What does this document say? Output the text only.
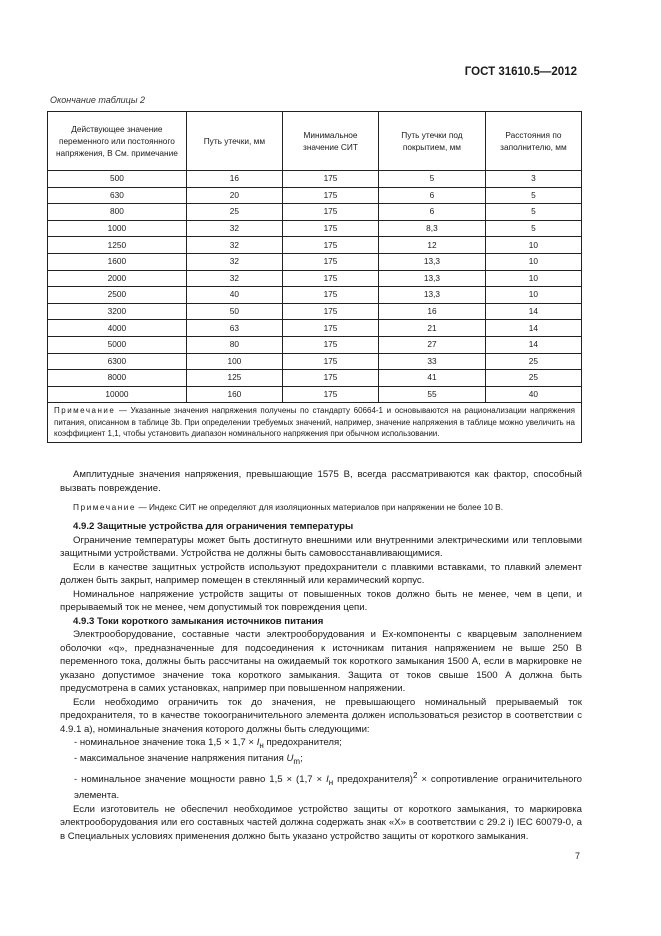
ГОСТ 31610.5—2012
Окончание таблицы 2
Действующее значение переменного или постоянного напряжения, В См. примечание	Путь утечки, мм	Минимальное значение СИТ	Путь утечки под покрытием, мм	Расстояния по заполнителю, мм
500	16	175	5	3
630	20	175	6	5
800	25	175	6	5
1000	32	175	8,3	5
1250	32	175	12	10
1600	32	175	13,3	10
2000	32	175	13,3	10
2500	40	175	13,3	10
3200	50	175	16	14
4000	63	175	21	14
5000	80	175	27	14
6300	100	175	33	25
8000	125	175	41	25
10000	160	175	55	40
Примечание — Указанные значения напряжения получены по стандарту 60664-1 и основываются на рационализации напряжения питания, описанном в таблице 3b. При определении требуемых значений, например, значение напряжения в таблице можно увеличить на коэффициент 1,1, чтобы установить диапазон номинального напряжения при обычном использовании.				

Амплитудные значения напряжения, превышающие 1575 В, всегда рассматриваются как фактор, способный вызвать повреждение.

Примечание — Индекс СИТ не определяют для изоляционных материалов при напряжении не более 10 В.

4.9.2 Защитные устройства для ограничения температуры

Ограничение температуры может быть достигнуто внешними или внутренними электрическими или тепловыми защитными устройствами. Устройства не должны быть самовосстанавливающимися.

Если в качестве защитных устройств используют предохранители с плавкими вставками, то плавкий элемент должен быть закрыт, например помещен в стеклянный или керамический корпус.

Номинальное напряжение устройств защиты от повышенных токов должно быть не менее, чем в цепи, и прерываемый ток не менее, чем допустимый ток повреждения цепи.

4.9.3 Токи короткого замыкания источников питания

Электрооборудование, составные части электрооборудования и Ex-компоненты с кварцевым заполнением оболочки «q», предназначенные для подсоединения к источникам питания напряжением не выше 250 В переменного тока, должны быть рассчитаны на ожидаемый ток короткого замыкания 1500 А, если в маркировке не указано допустимое значение тока короткого замыкания. Защита от токов свыше 1500 А должна быть предусмотрена в самих установках, например при повышенном напряжении.

Если необходимо ограничить ток до значения, не превышающего номинальный прерываемый ток предохранителя, то в качестве токоограничительного элемента должен использоваться резистор в соответствии с 4.9.1 а), номинальные значения которого должны быть следующими:

- номинальное значение тока $1,5 \times 1,7 \times I_н$ предохранителя;

- максимальное значение напряжения питания $U_m$;

- номинальное значение мощности равно $1,5 \times (1,7 \times I_н$ предохранителя)$^2$ × сопротивление ограничительного элемента.

Если изготовитель не обеспечил необходимое устройство защиты от короткого замыкания, то маркировка электрооборудования или его составных частей должна содержать знак «Х» в соответствии с 29.2 i) IEC 60079-0, а в Специальных условиях применения должно быть указано устройство защиты от короткого замыкания.

7
